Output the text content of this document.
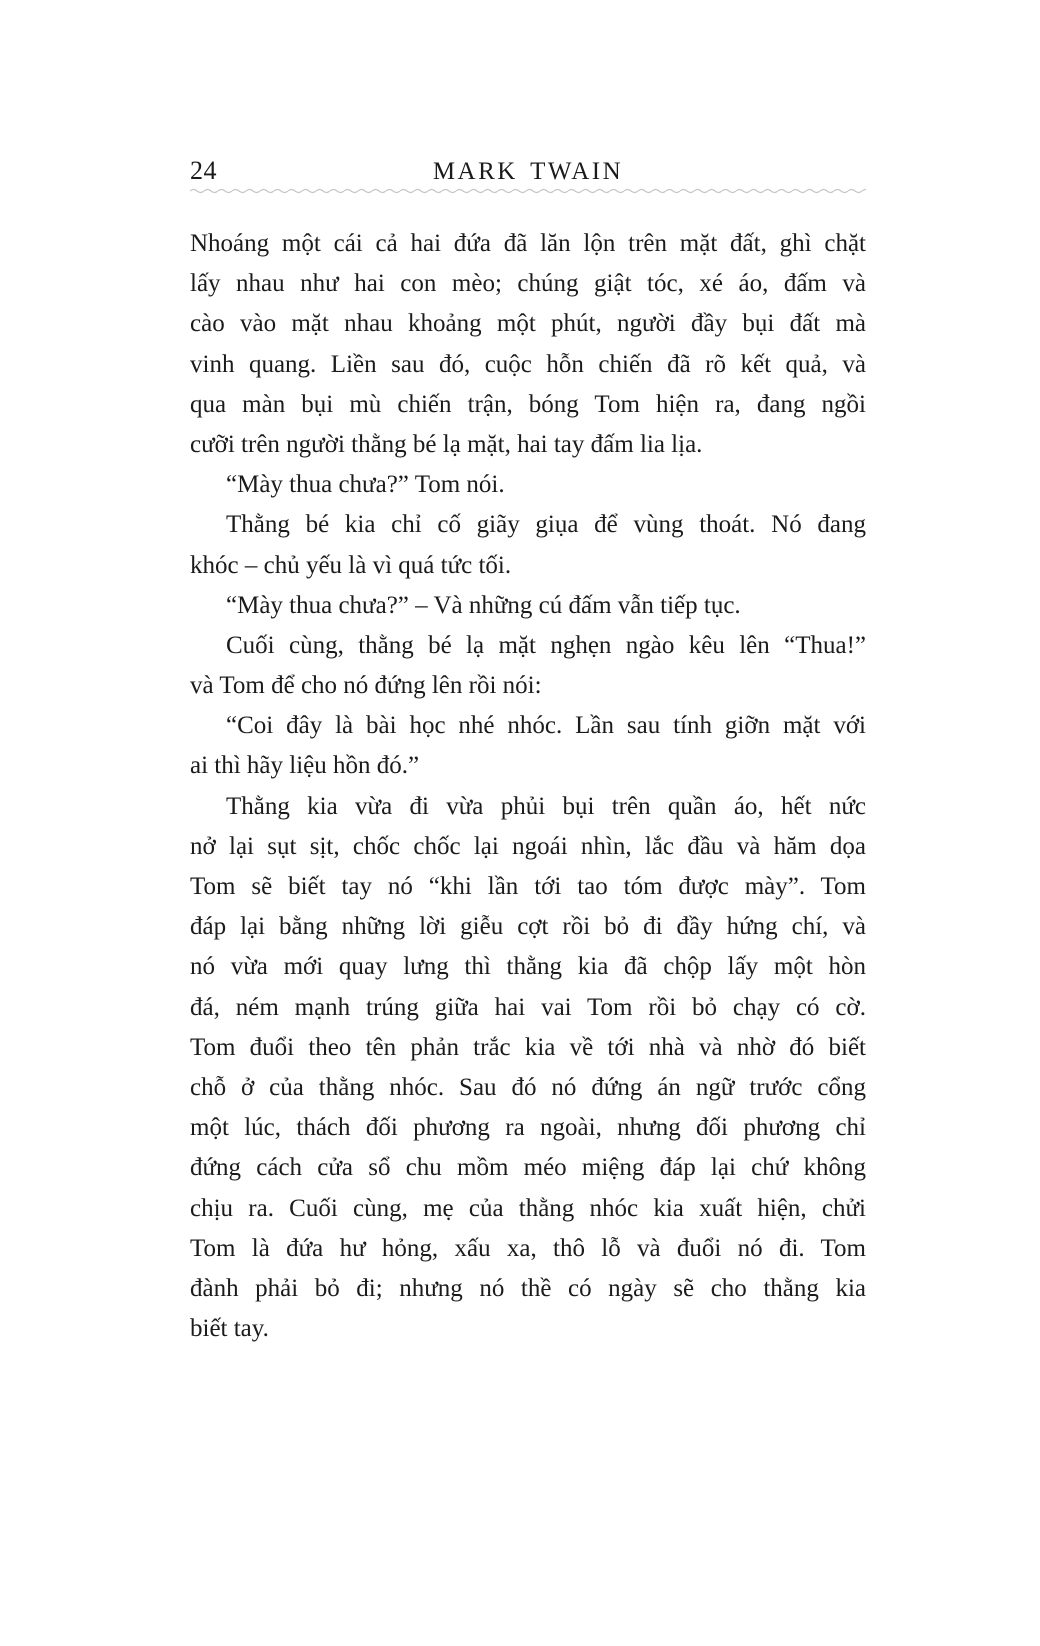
24	MARK TWAIN
Nhoáng một cái cả hai đứa đã lăn lộn trên mặt đất, ghì chặt
lấy nhau như hai con mèo; chúng giật tóc, xé áo, đấm và
cào vào mặt nhau khoảng một phút, người đầy bụi đất mà
vinh quang. Liền sau đó, cuộc hỗn chiến đã rõ kết quả, và
qua màn bụi mù chiến trận, bóng Tom hiện ra, đang ngồi
cưỡi trên người thằng bé lạ mặt, hai tay đấm lia lịa.
“Mày thua chưa?” Tom nói.
Thằng bé kia chỉ cố giãy giụa để vùng thoát. Nó đang
khóc – chủ yếu là vì quá tức tối.
“Mày thua chưa?” – Và những cú đấm vẫn tiếp tục.
Cuối cùng, thằng bé lạ mặt nghẹn ngào kêu lên “Thua!”
và Tom để cho nó đứng lên rồi nói:
“Coi đây là bài học nhé nhóc. Lần sau tính giỡn mặt với
ai thì hãy liệu hồn đó.”
Thằng kia vừa đi vừa phủi bụi trên quần áo, hết nức
nở lại sụt sịt, chốc chốc lại ngoái nhìn, lắc đầu và hăm dọa
Tom sẽ biết tay nó “khi lần tới tao tóm được mày”. Tom
đáp lại bằng những lời giễu cợt rồi bỏ đi đầy hứng chí, và
nó vừa mới quay lưng thì thằng kia đã chộp lấy một hòn
đá, ném mạnh trúng giữa hai vai Tom rồi bỏ chạy có cờ.
Tom đuổi theo tên phản trắc kia về tới nhà và nhờ đó biết
chỗ ở của thằng nhóc. Sau đó nó đứng án ngữ trước cổng
một lúc, thách đối phương ra ngoài, nhưng đối phương chỉ
đứng cách cửa sổ chu mồm méo miệng đáp lại chứ không
chịu ra. Cuối cùng, mẹ của thằng nhóc kia xuất hiện, chửi
Tom là đứa hư hỏng, xấu xa, thô lỗ và đuổi nó đi. Tom
đành phải bỏ đi; nhưng nó thề có ngày sẽ cho thằng kia
biết tay.
